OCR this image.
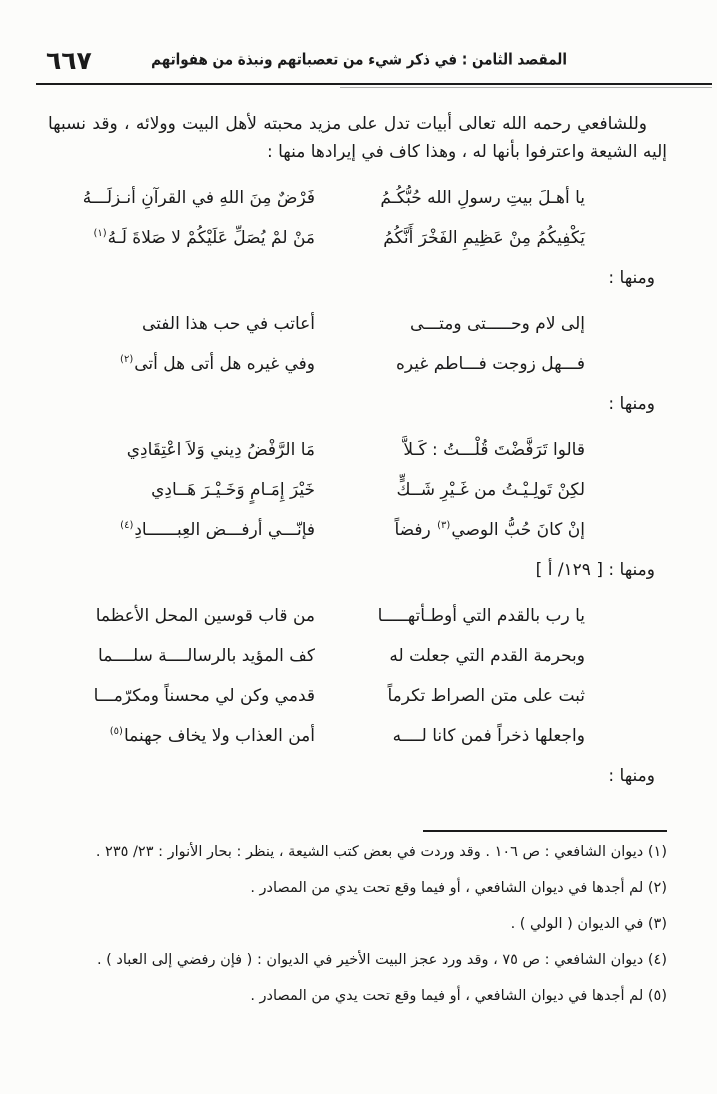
٦٦٧	المقصد الثامن : في ذكر شيء من تعصباتهم ونبذة من هفواتهم

وللشافعي رحمه الله تعالى أبيات تدل على مزيد محبته لأهل البيت وولائه ، وقد نسبها إليه الشيعة واعترفوا بأنها له ، وهذا كاف في إيرادها منها :

يا أهـلَ بيتِ رسولِ الله حُبُّكُـمُ
فَرْضٌ مِنَ اللهِ في القرآنِ أنـزلَـــهُ
يَكْفِيكُمُ مِنْ عَظِيمِ الفَخْرَ أَنَّكُمُ
مَنْ لمْ يُصَلِّ عَلَيْكُمْ لا صَلاةَ لَـهُ$^{(١)}$

ومنها :

إلى لام وحـــــتى ومتـــى
أعاتب في حب هذا الفتى
فـــهل زوجت فـــاطم غيره
وفي غيره هل أتى هل أتى$^{(٢)}$

ومنها :

قالوا تَرَفَّضْتَ قُلْـــتُ : كَـلاَّ
مَا الرَّفْضُ دِيني وَلاَ اعْتِقَادِي
لكِنْ تَولِـيْـتُ من غَـيْرِ شَــكٍّ
خَيْرَ إِمَـامٍ وَخَـيْـرَ هَــادِي
إنْ كانَ حُبُّ الوصي$^{(٣)}$ رفضاً
فإنّـــي أرفـــض العِبــــــادِ$^{(٤)}$

ومنها : [ ١٢٩/ أ ]

يا رب بالقدم التي أوطـأتهـــــا
من قاب قوسين المحل الأعظما
وبحرمة القدم التي جعلت له
كف المؤيد بالرسالــــة سلــــما
ثبت على متن الصراط تكرماً
قدمي وكن لي محسناً ومكرّمـــا
واجعلها ذخراً فمن كانا لــــه
أمن العذاب ولا يخاف جهنما$^{(٥)}$

ومنها :

(١) ديوان الشافعي : ص ١٠٦ . وقد وردت في بعض كتب الشيعة ، ينظر : بحار الأنوار : ٢٣/ ٢٣٥ .

(٢) لم أجدها في ديوان الشافعي ، أو فيما وقع تحت يدي من المصادر .

(٣) في الديوان ( الولي ) .

(٤) ديوان الشافعي : ص ٧٥ ، وقد ورد عجز البيت الأخير في الديوان : ( فإن رفضي إلى العباد ) .

(٥) لم أجدها في ديوان الشافعي ، أو فيما وقع تحت يدي من المصادر .
